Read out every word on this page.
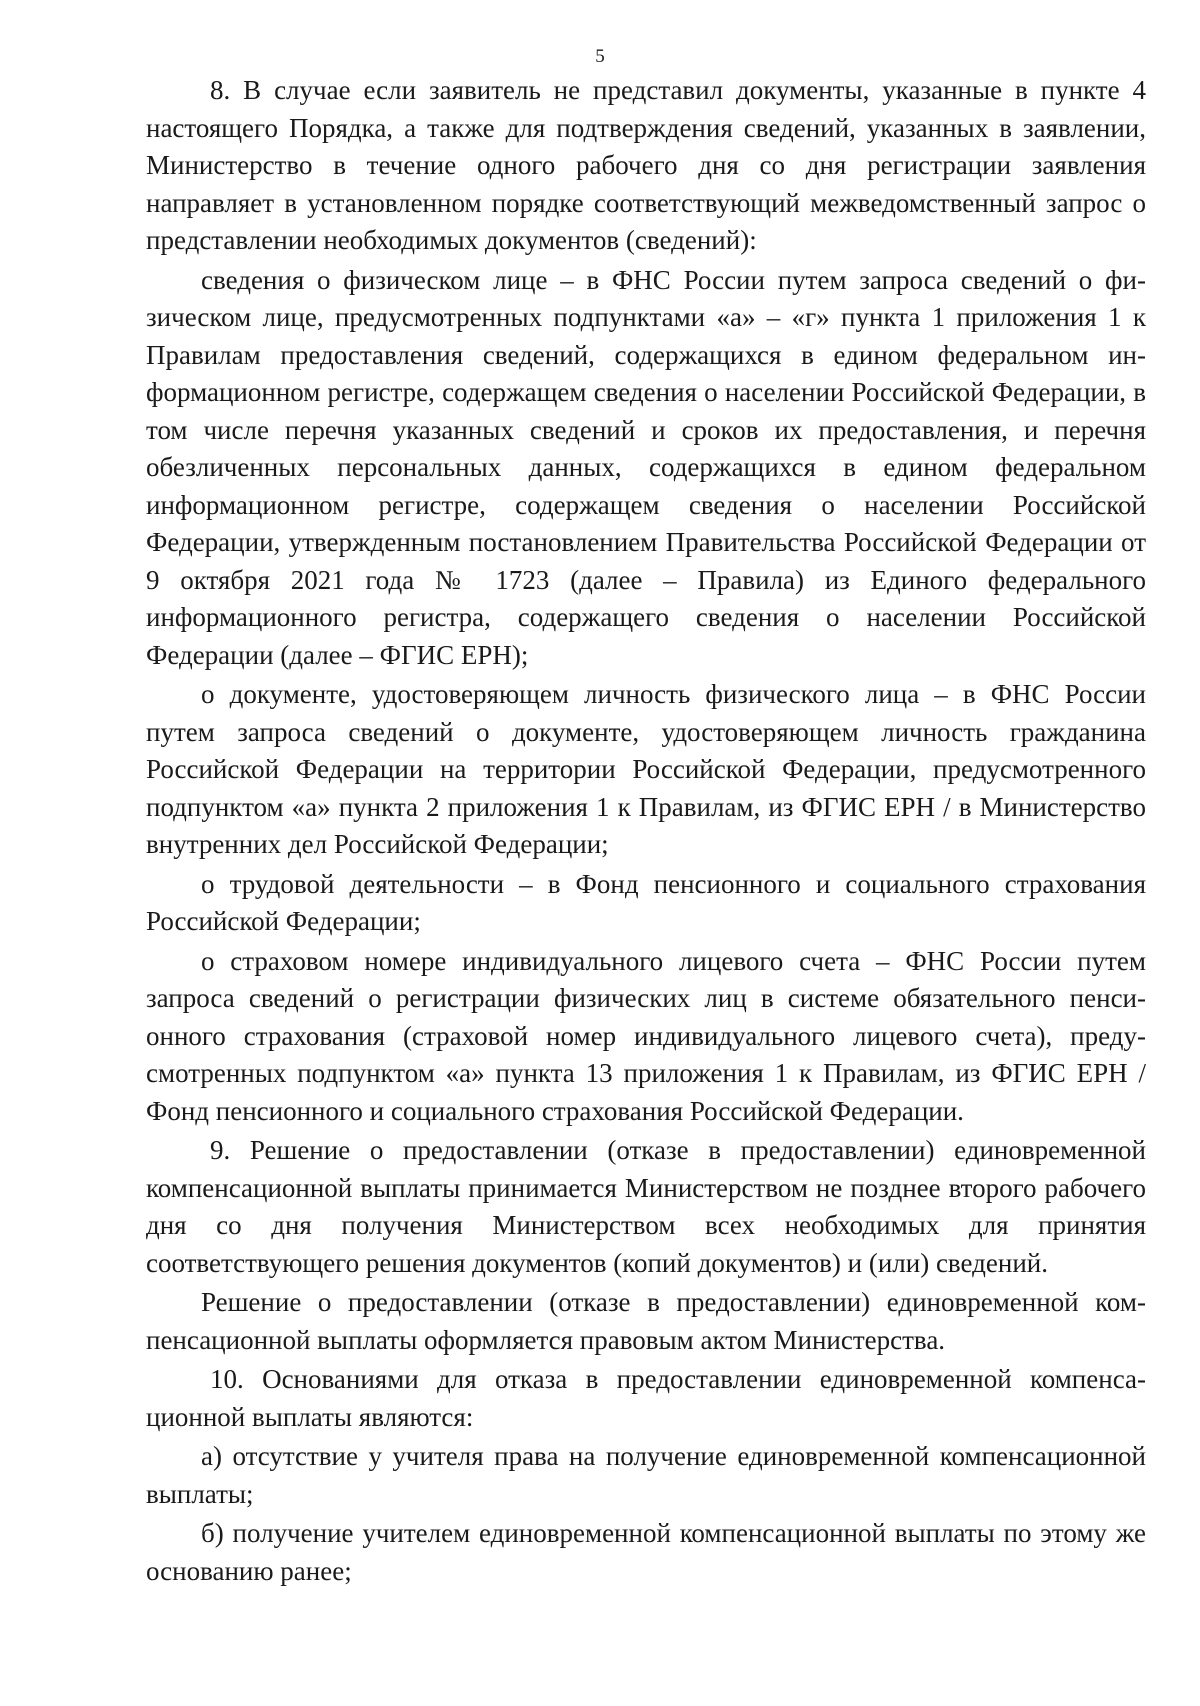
5

8. В случае если заявитель не представил документы, указанные в пункте 4 настоящего Порядка, а также для подтверждения сведений, указанных в заявлении, Министерство в течение одного рабочего дня со дня регистрации заявления направляет в установленном порядке соответствующий межведомственный запрос о представлении необходимых документов (сведений):

сведения о физическом лице – в ФНС России путем запроса сведений о физическом лице, предусмотренных подпунктами «а» – «г» пункта 1 приложения 1 к Правилам предоставления сведений, содержащихся в едином федеральном информационном регистре, содержащем сведения о населении Российской Федерации, в том числе перечня указанных сведений и сроков их предоставления, и перечня обезличенных персональных данных, содержащихся в едином федеральном информационном регистре, содержащем сведения о населении Российской Федерации, утвержденным постановлением Правительства Российской Федерации от 9 октября 2021 года № 1723 (далее – Правила) из Единого федерального информационного регистра, содержащего сведения о населении Российской Федерации (далее – ФГИС ЕРН);

о документе, удостоверяющем личность физического лица – в ФНС России путем запроса сведений о документе, удостоверяющем личность гражданина Российской Федерации на территории Российской Федерации, предусмотренного подпунктом «а» пункта 2 приложения 1 к Правилам, из ФГИС ЕРН / в Министерство внутренних дел Российской Федерации;

о трудовой деятельности – в Фонд пенсионного и социального страхования Российской Федерации;

о страховом номере индивидуального лицевого счета – ФНС России путем запроса сведений о регистрации физических лиц в системе обязательного пенсионного страхования (страховой номер индивидуального лицевого счета), предусмотренных подпунктом «а» пункта 13 приложения 1 к Правилам, из ФГИС ЕРН / Фонд пенсионного и социального страхования Российской Федерации.

9. Решение о предоставлении (отказе в предоставлении) единовременной компенсационной выплаты принимается Министерством не позднее второго рабочего дня со дня получения Министерством всех необходимых для принятия соответствующего решения документов (копий документов) и (или) сведений.

Решение о предоставлении (отказе в предоставлении) единовременной компенсационной выплаты оформляется правовым актом Министерства.

10. Основаниями для отказа в предоставлении единовременной компенсационной выплаты являются:

а) отсутствие у учителя права на получение единовременной компенсационной выплаты;

б) получение учителем единовременной компенсационной выплаты по этому же основанию ранее;
